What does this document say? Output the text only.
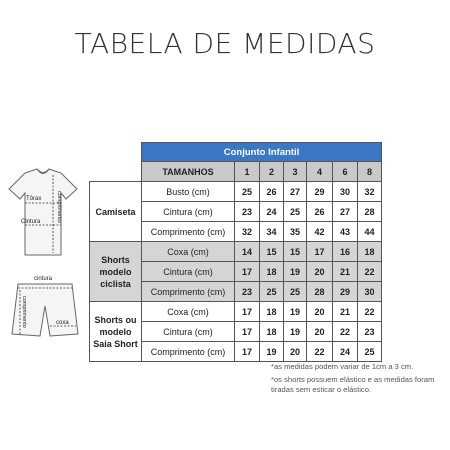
TABELA DE MEDIDAS
Tórax
Cintura	comprimento
cintura
comprimento	coxa
	Conjunto Infantil						
	TAMANHOS	1	2	3	4	6	8
Camiseta	Busto (cm)	25	26	27	29	30	32
	Cintura (cm)	23	24	25	26	27	28
	Comprimento (cm)	32	34	35	42	43	44
Shorts modelo ciclista	Coxa (cm)	14	15	15	17	16	18
	Cintura (cm)	17	18	19	20	21	22
	Comprimento (cm)	23	25	25	28	29	30
Shorts ou modelo Saia Short	Coxa (cm)	17	18	19	20	21	22
	Cintura (cm)	17	18	19	20	22	23
	Comprimento (cm)	17	19	20	22	24	25

*as medidas podem variar de 1cm a 3 cm.

*os shorts possuem elástico e as medidas foram tiradas sem esticar o elástico.
